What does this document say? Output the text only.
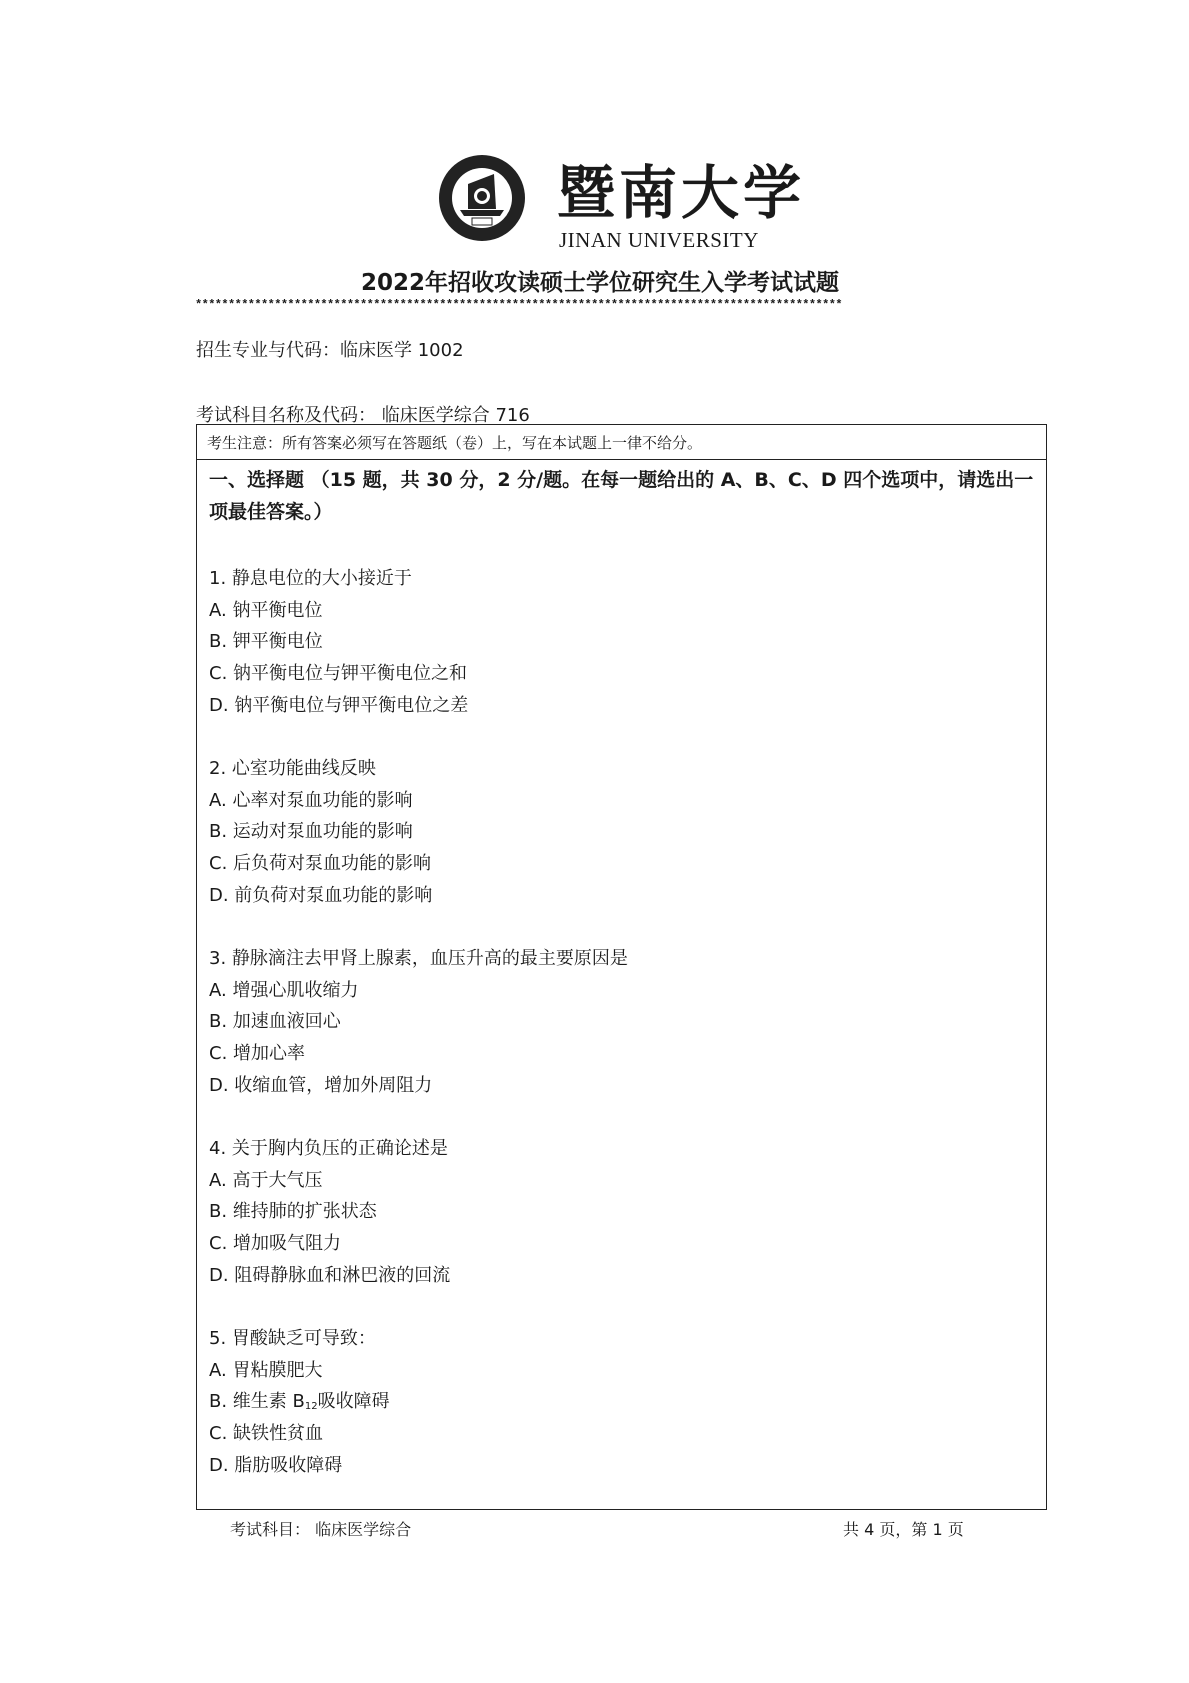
暨南大学
JINAN UNIVERSITY
2022年招收攻读硕士学位研究生入学考试试题
**************************************************************************************************
招生专业与代码：临床医学 1002
考试科目名称及代码： 临床医学综合 716
考生注意：所有答案必须写在答题纸（卷）上，写在本试题上一律不给分。
一、选择题 （15 题，共 30 分，2 分/题。在每一题给出的 A、B、C、D 四个选项中，请选出一
项最佳答案。）
1. 静息电位的大小接近于
A. 钠平衡电位
B. 钾平衡电位
C. 钠平衡电位与钾平衡电位之和
D. 钠平衡电位与钾平衡电位之差
2. 心室功能曲线反映
A. 心率对泵血功能的影响
B. 运动对泵血功能的影响
C. 后负荷对泵血功能的影响
D. 前负荷对泵血功能的影响
3. 静脉滴注去甲肾上腺素，血压升高的最主要原因是
A. 增强心肌收缩力
B. 加速血液回心
C. 增加心率
D. 收缩血管，增加外周阻力
4. 关于胸内负压的正确论述是
A. 高于大气压
B. 维持肺的扩张状态
C. 增加吸气阻力
D. 阻碍静脉血和淋巴液的回流
5. 胃酸缺乏可导致：
A. 胃粘膜肥大
B. 维生素 $B_{12}$吸收障碍
C. 缺铁性贫血
D. 脂肪吸收障碍
考试科目： 临床医学综合	共 4 页，第 1 页
